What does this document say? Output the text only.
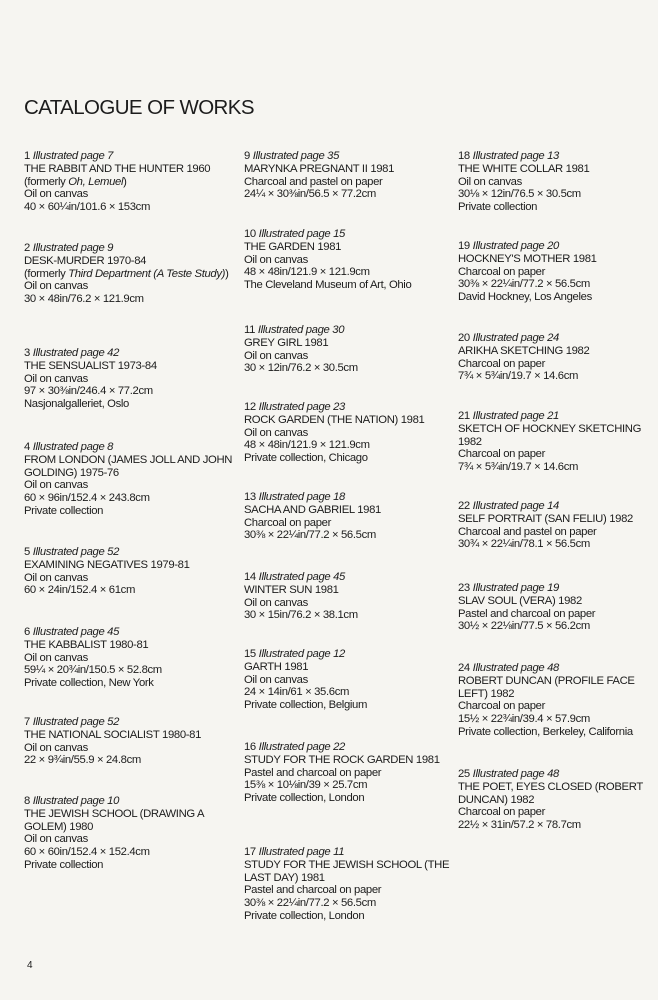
CATALOGUE OF WORKS
1 Illustrated page 7
THE RABBIT AND THE HUNTER 1960
(formerly Oh, Lemuel)
Oil on canvas
40 × 60¼in/101.6 × 153cm
2 Illustrated page 9
DESK-MURDER 1970-84
(formerly Third Department (A Teste Study))
Oil on canvas
30 × 48in/76.2 × 121.9cm
3 Illustrated page 42
THE SENSUALIST 1973-84
Oil on canvas
97 × 30⅜in/246.4 × 77.2cm
Nasjonalgalleriet, Oslo
4 Illustrated page 8
FROM LONDON (JAMES JOLL AND JOHN GOLDING) 1975-76
Oil on canvas
60 × 96in/152.4 × 243.8cm
Private collection
5 Illustrated page 52
EXAMINING NEGATIVES 1979-81
Oil on canvas
60 × 24in/152.4 × 61cm
6 Illustrated page 45
THE KABBALIST 1980-81
Oil on canvas
59¼ × 20¾in/150.5 × 52.8cm
Private collection, New York
7 Illustrated page 52
THE NATIONAL SOCIALIST 1980-81
Oil on canvas
22 × 9¾in/55.9 × 24.8cm
8 Illustrated page 10
THE JEWISH SCHOOL (DRAWING A GOLEM) 1980
Oil on canvas
60 × 60in/152.4 × 152.4cm
Private collection
9 Illustrated page 35
MARYNKA PREGNANT II 1981
Charcoal and pastel on paper
24¼ × 30⅜in/56.5 × 77.2cm
10 Illustrated page 15
THE GARDEN 1981
Oil on canvas
48 × 48in/121.9 × 121.9cm
The Cleveland Museum of Art, Ohio
11 Illustrated page 30
GREY GIRL 1981
Oil on canvas
30 × 12in/76.2 × 30.5cm
12 Illustrated page 23
ROCK GARDEN (THE NATION) 1981
Oil on canvas
48 × 48in/121.9 × 121.9cm
Private collection, Chicago
13 Illustrated page 18
SACHA AND GABRIEL 1981
Charcoal on paper
30⅜ × 22¼in/77.2 × 56.5cm
14 Illustrated page 45
WINTER SUN 1981
Oil on canvas
30 × 15in/76.2 × 38.1cm
15 Illustrated page 12
GARTH 1981
Oil on canvas
24 × 14in/61 × 35.6cm
Private collection, Belgium
16 Illustrated page 22
STUDY FOR THE ROCK GARDEN 1981
Pastel and charcoal on paper
15⅜ × 10⅛in/39 × 25.7cm
Private collection, London
17 Illustrated page 11
STUDY FOR THE JEWISH SCHOOL (THE LAST DAY) 1981
Pastel and charcoal on paper
30⅜ × 22¼in/77.2 × 56.5cm
Private collection, London
18 Illustrated page 13
THE WHITE COLLAR 1981
Oil on canvas
30⅛ × 12in/76.5 × 30.5cm
Private collection
19 Illustrated page 20
HOCKNEY'S MOTHER 1981
Charcoal on paper
30⅜ × 22¼in/77.2 × 56.5cm
David Hockney, Los Angeles
20 Illustrated page 24
ARIKHA SKETCHING 1982
Charcoal on paper
7¾ × 5¾in/19.7 × 14.6cm
21 Illustrated page 21
SKETCH OF HOCKNEY SKETCHING 1982
Charcoal on paper
7¾ × 5¾in/19.7 × 14.6cm
22 Illustrated page 14
SELF PORTRAIT (SAN FELIU) 1982
Charcoal and pastel on paper
30¾ × 22¼in/78.1 × 56.5cm
23 Illustrated page 19
SLAV SOUL (VERA) 1982
Pastel and charcoal on paper
30½ × 22⅛in/77.5 × 56.2cm
24 Illustrated page 48
ROBERT DUNCAN (PROFILE FACE LEFT) 1982
Charcoal on paper
15½ × 22¾in/39.4 × 57.9cm
Private collection, Berkeley, California
25 Illustrated page 48
THE POET, EYES CLOSED (ROBERT DUNCAN) 1982
Charcoal on paper
22½ × 31in/57.2 × 78.7cm
4
